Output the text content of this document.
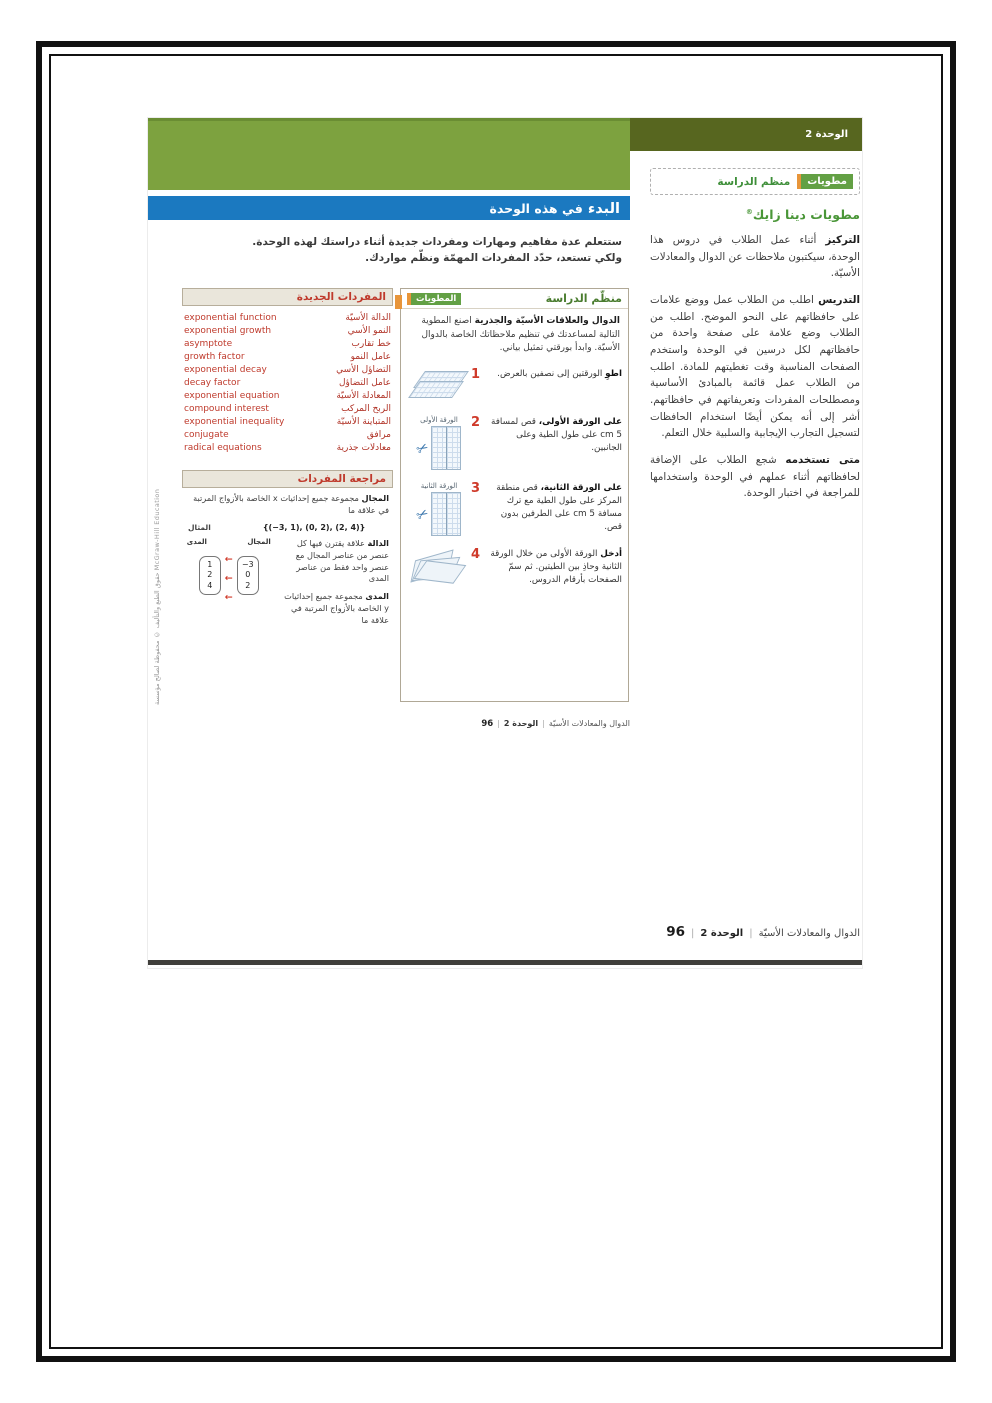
الوحدة 2
البدء في هذه الوحدة

ستتعلم عدة مفاهيم ومهارات ومفردات جديدة أثناء دراستك لهذه الوحدة. ولكي تستعد، حدّد المفردات المهمّة ونظّم مواردك.

المفردات الجديدة
exponential function	الدالة الأسيّة
exponential growth	النمو الأسي
asymptote	خط تقارب
growth factor	عامل النمو
exponential decay	التضاؤل الأسي
decay factor	عامل التضاؤل
exponential equation	المعادلة الأسيّة
compound interest	الربح المركب
exponential inequality	المتباينة الأسيّة
conjugate	مرافق
radical equations	معادلات جذرية
المطويات	منظّم الدراسة

الدوال والعلاقات الأسيّة والجذرية اصنع المطوية التالية لمساعدتك في تنظيم ملاحظاتك الخاصة بالدوال الأسيّة. وابدأ بورقتي تمثيل بياني.

1	اطوِ الورقتين إلى نصفين بالعرض.

الورقة الأولى
✂	2	على الورقة الأولى، قص لمسافة 5 cm على طول الطية وعلى الجانبين.

الورقة الثانية
✂	3	على الورقة الثانية، قص منطقة المركز على طول الطية مع ترك مسافة 5 cm على الطرفين بدون قص.

4	أدخل الورقة الأولى من خلال الورقة الثانية وحاذِ بين الطيتين. ثم سمّ الصفحات بأرقام الدروس.

مراجعة المفردات

المجال مجموعة جميع إحداثيات x الخاصة بالأزواج المرتبة في علاقة ما

المثال	{(−3, 1), (0, 2), (2, 4)}

الدالة علاقة يقترن فيها كل عنصر من عناصر المجال مع عنصر واحد فقط من عناصر المدى

المدى مجموعة جميع إحداثيات y الخاصة بالأزواج المرتبة في علاقة ما

المدى	المجال
1
2
4
←
←
←
−3
0
2
مطويات
منظم الدراسة
مطويات دينا زايك®

التركيز أثناء عمل الطلاب في دروس هذا الوحدة، سيكتبون ملاحظات عن الدوال والمعادلات الأسيّة.

التدريس اطلب من الطلاب عمل ووضع علامات على حافظاتهم على النحو الموضح. اطلب من الطلاب وضع علامة على صفحة واحدة من حافظاتهم لكل درسين في الوحدة واستخدم الصفحات المناسبة وقت تغطيتهم للمادة. اطلب من الطلاب عمل قائمة بالمبادئ الأساسية ومصطلحات المفردات وتعريفاتهم في حافظاتهم. أشر إلى أنه يمكن أيضًا استخدام الحافظات لتسجيل التجارب الإيجابية والسلبية خلال التعلم.

متى تستخدمه شجع الطلاب على الإضافة لحافظاتهم أثناء عملهم في الوحدة واستخدامها للمراجعة في اختبار الوحدة.

96 | الوحدة 2 | الدوال والمعادلات الأسيّة
96 | الوحدة 2 | الدوال والمعادلات الأسيّة
حقوق الطبع والتأليف © محفوظة لصالح مؤسسة McGraw-Hill Education
